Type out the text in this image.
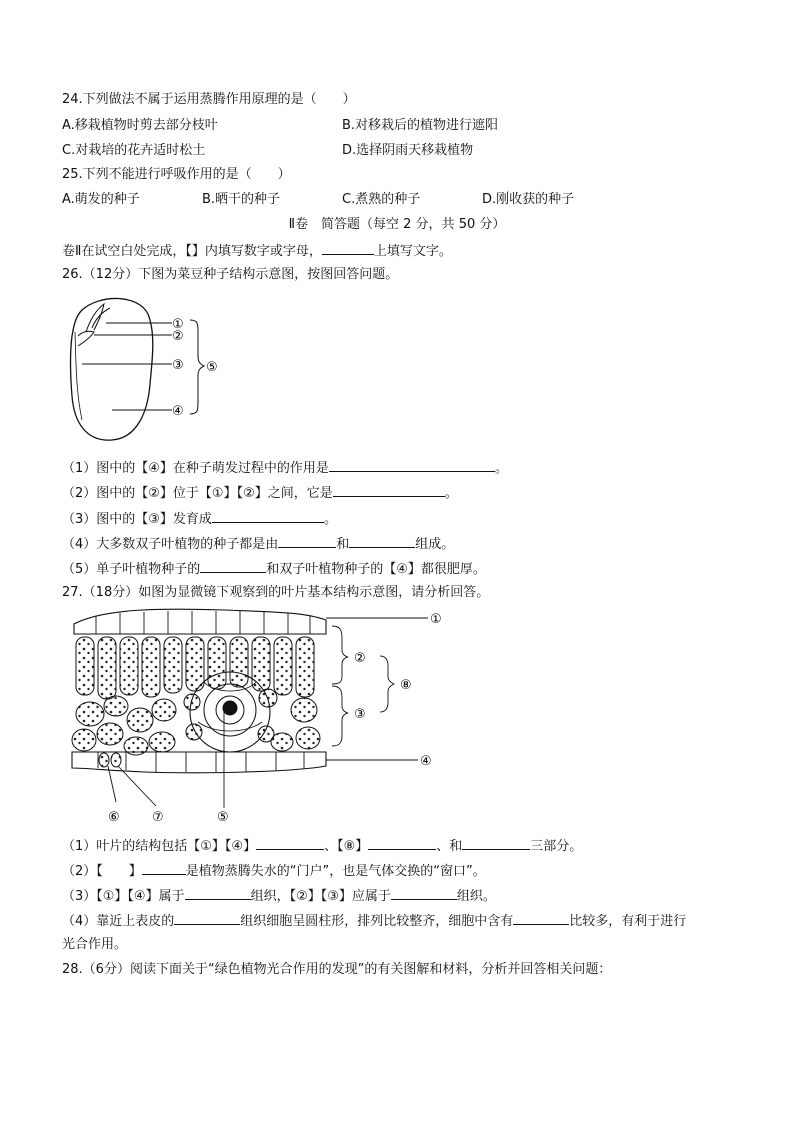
24.下列做法不属于运用蒸腾作用原理的是（　　）
A.移栽植物时剪去部分枝叶	B.对移栽后的植物进行遮阳
C.对栽培的花卉适时松土	D.选择阴雨天移栽植物
25.下列不能进行呼吸作用的是（　　）
A.萌发的种子	B.晒干的种子	C.煮熟的种子	D.刚收获的种子
Ⅱ卷　简答题（每空 2 分，共 50 分）
卷Ⅱ在试空白处完成，【】内填写数字或字母，	上填写文字。
26.（12分）下图为菜豆种子结构示意图，按图回答问题。
①
②
③
④
⑤
（1）图中的【④】在种子萌发过程中的作用是	。
（2）图中的【②】位于【①】【②】之间，它是	。
（3）图中的【③】发育成	。
（4）大多数双子叶植物的种子都是由	和	组成。
（5）单子叶植物种子的	和双子叶植物种子的【④】都很肥厚。
27.（18分）如图为显微镜下观察到的叶片基本结构示意图，请分析回答。
①
②
③
④
⑤
⑥ ⑦
⑧
（1）叶片的结构包括【①】【④】	、【⑧】	、和	三部分。
（2）【　　】	是植物蒸腾失水的“门户”，也是气体交换的“窗口”。
（3）【①】【④】属于	组织，【②】【③】应属于	组织。
（4）靠近上表皮的	组织细胞呈圆柱形，排列比较整齐，细胞中含有	比较多，有利于进行
光合作用。
28.（6分）阅读下面关于“绿色植物光合作用的发现”的有关图解和材料，分析并回答相关问题：
